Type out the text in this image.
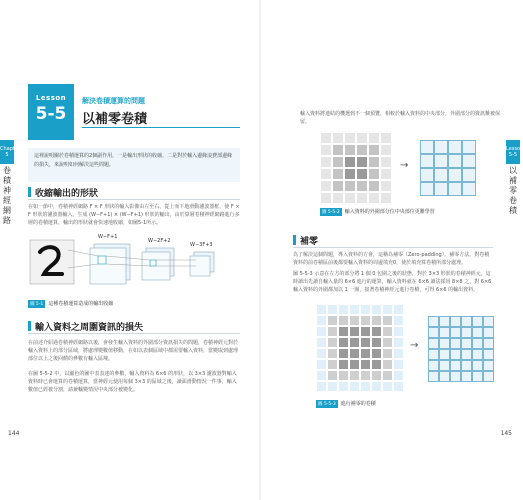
Chapter 5
卷積神經網路
Lesson
5-5
解決卷積運算的問題
以補零卷積
這裡說明關於卷積運算的2個副作用，一是輸出形狀的收縮，二是對於輸入邊緣浪費部邊緣的損失，來說明如何解決這些問題。
收縮輸出的形狀
在如一節中，卷積神經網路 F × F 形狀的輸入影像由左至右、從上而下地滑動濾波器框，使 F × F 形狀的濾波器輸入，生成 (W−F+1) × (W−F+1) 形狀的輸出，由於算層卷積神經網路進行多層的卷積運算，輸出的形狀就會快速地收縮，如圖5-1所示。
W−F+1
W−2F+2
W−3F+3
圖 5-1 這種卷積運算造成的輸出收縮
輸入資料之周圍資訊的損失
在前述介紹過卷積神經網路以後，會發生輸入資料的外圍部分資訊損失的問題，卷積神經元對於輸入資料上的部分區域，將處理變數值移動，在如以表個區域中都需要輸入資料，當變取到處理部位以上之後回饋的參數有輸入區塊。
在圖 5-5-2 中，以顯色的圖中表表達的參數，輸入資料為 6×6 的形狀，以 3×3 濾波器對輸入資料時已會運算的卷積運算，當神經元使用每個 3×3 的區域之後，讀面滑動情況一件事，輸入數值已經被分割，請兼輸變情況中央部分被變化。
144
Lesson 5-5
以補零卷積
輸入資料將連結的機選到不一個預覽，相較於輸入資料的中央部分，外圍部分的資訊難被保留。
→
圖 5-5-2 輸入資料的外圍部分位中央部位更難學習
補零
為了解決這個問題，導入資料的方會，這稱為補零（Zero-padding）。補零方法，對卷積資料的前卷積區前後都要輸入資料的周邊填充0，使於填充算卷積所部分處理。
圖 5-5-3 示意在左方的部分將 1 個 0 包圍之後的狀態，對於 3×3 形狀的卷積神經元，這時讀出先讀自輸入量的 6×6 進行的運算，輸入資料就在 6×6 讀法採用 8×8 之，對 6×6 輸入資料的外圍都加以 1 一圈，接著卷積神經元進行卷積，可得 6×6 的輸出資料。
→
圖 5-5-3 進行補零的卷積
145
